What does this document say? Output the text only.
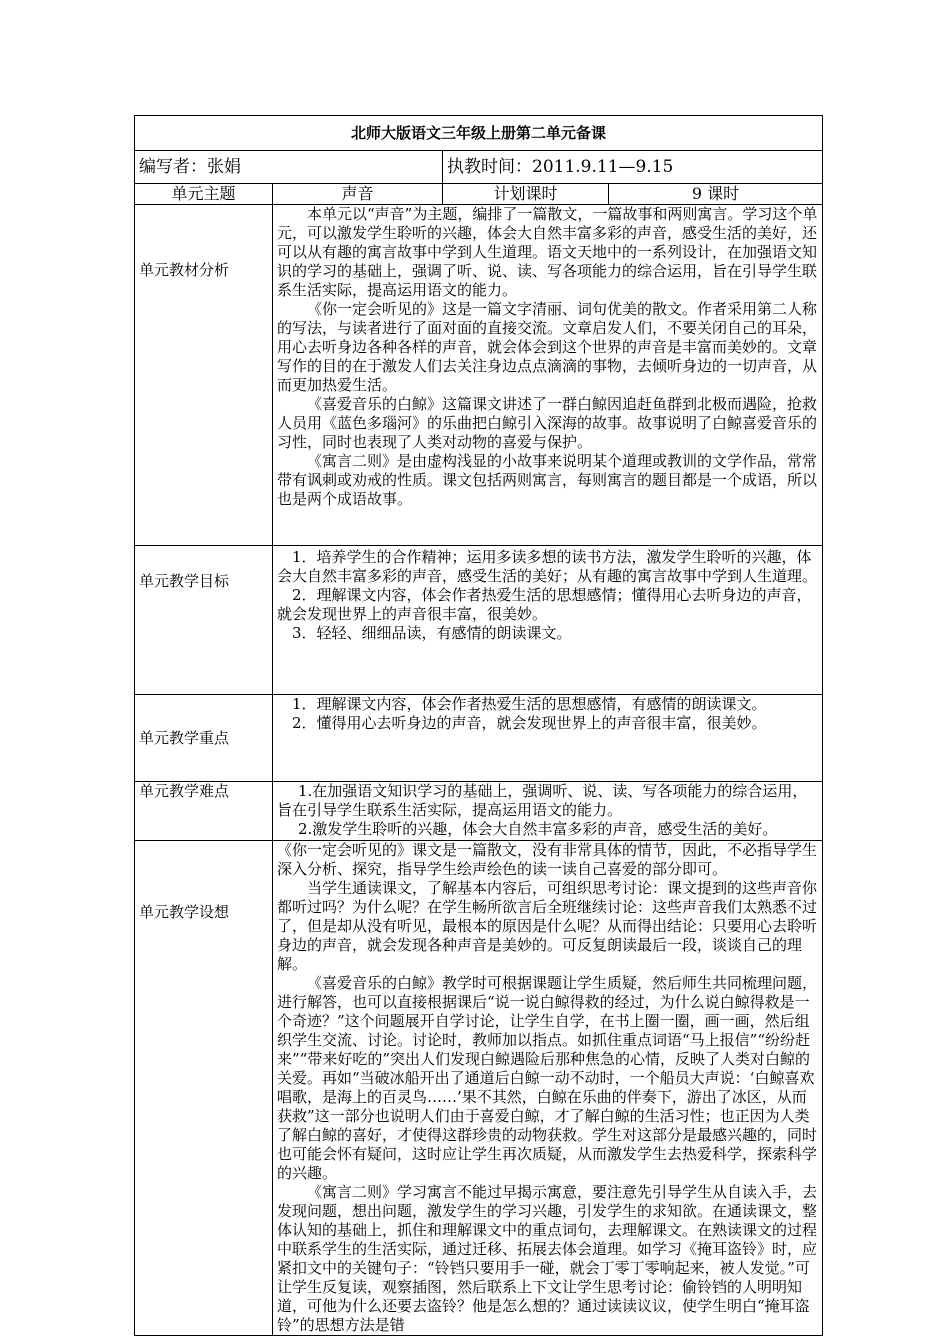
北师大版语文三年级上册第二单元备课			
编写者：张娟		执教时间：2011.9.11—9.15	
单元主题	声音	计划课时	9 课时
单元教材分析	本单元以“声音”为主题，编排了一篇散文，一篇故事和两则寓言。学习这个单元，可以激发学生聆听的兴趣，体会大自然丰富多彩的声音，感受生活的美好，还可以从有趣的寓言故事中学到人生道理。语文天地中的一系列设计，在加强语文知识的学习的基础上，强调了听、说、读、写各项能力的综合运用，旨在引导学生联系生活实际，提高运用语文的能力。

《你一定会听见的》这是一篇文字清丽、词句优美的散文。作者采用第二人称的写法，与读者进行了面对面的直接交流。文章启发人们，不要关闭自己的耳朵，用心去听身边各种各样的声音，就会体会到这个世界的声音是丰富而美妙的。文章写作的目的在于激发人们去关注身边点点滴滴的事物，去倾听身边的一切声音，从而更加热爱生活。

《喜爱音乐的白鲸》这篇课文讲述了一群白鲸因追赶鱼群到北极而遇险，抢救人员用《蓝色多瑙河》的乐曲把白鲸引入深海的故事。故事说明了白鲸喜爱音乐的习性，同时也表现了人类对动物的喜爱与保护。

《寓言二则》是由虚构浅显的小故事来说明某个道理或教训的文学作品，常常带有讽刺或劝戒的性质。课文包括两则寓言，每则寓言的题目都是一个成语，所以也是两个成语故事。		

单元教学目标	1．培养学生的合作精神；运用多读多想的读书方法，激发学生聆听的兴趣，体会大自然丰富多彩的声音，感受生活的美好；从有趣的寓言故事中学到人生道理。

2．理解课文内容，体会作者热爱生活的思想感情；懂得用心去听身边的声音，就会发现世界上的声音很丰富，很美妙。

3．轻轻、细细品读，有感情的朗读课文。		

单元教学重点	1．理解课文内容，体会作者热爱生活的思想感情，有感情的朗读课文。

2．懂得用心去听身边的声音，就会发现世界上的声音很丰富，很美妙。		

单元教学难点	1.在加强语文知识学习的基础上，强调听、说、读、写各项能力的综合运用，旨在引导学生联系生活实际，提高运用语文的能力。

2.激发学生聆听的兴趣，体会大自然丰富多彩的声音，感受生活的美好。		

单元教学设想	《你一定会听见的》课文是一篇散文，没有非常具体的情节，因此，不必指导学生深入分析、探究，指导学生绘声绘色的读一读自己喜爱的部分即可。

当学生通读课文，了解基本内容后，可组织思考讨论：课文提到的这些声音你都听过吗？为什么呢？在学生畅所欲言后全班继续讨论：这些声音我们太熟悉不过了，但是却从没有听见，最根本的原因是什么呢？从而得出结论：只要用心去聆听身边的声音，就会发现各种声音是美妙的。可反复朗读最后一段，谈谈自己的理解。

《喜爱音乐的白鲸》教学时可根据课题让学生质疑，然后师生共同梳理问题，进行解答，也可以直接根据课后“说一说白鲸得救的经过，为什么说白鲸得救是一个奇迹？”这个问题展开自学讨论，让学生自学，在书上圈一圈，画一画，然后组织学生交流、讨论。讨论时，教师加以指点。如抓住重点词语“马上报信”“纷纷赶来”“带来好吃的”突出人们发现白鲸遇险后那种焦急的心情，反映了人类对白鲸的关爱。再如“当破冰船开出了通道后白鲸一动不动时，一个船员大声说：‘白鲸喜欢唱歌，是海上的百灵鸟……’果不其然，白鲸在乐曲的伴奏下，游出了冰区，从而获救”这一部分也说明人们由于喜爱白鲸，才了解白鲸的生活习性；也正因为人类了解白鲸的喜好，才使得这群珍贵的动物获救。学生对这部分是最感兴趣的，同时也可能会怀有疑问，这时应让学生再次质疑，从而激发学生去热爱科学，探索科学的兴趣。

《寓言二则》学习寓言不能过早揭示寓意，要注意先引导学生从自读入手，去发现问题，想出问题，激发学生的学习兴趣，引发学生的求知欲。在通读课文，整体认知的基础上，抓住和理解课文中的重点词句，去理解课文。在熟读课文的过程中联系学生的生活实际，通过迁移、拓展去体会道理。如学习《掩耳盗铃》时，应紧扣文中的关键句子：“铃铛只要用手一碰，就会丁零丁零响起来，被人发觉。”可让学生反复读，观察插图，然后联系上下文让学生思考讨论：偷铃铛的人明明知道，可他为什么还要去盗铃？他是怎么想的？通过读读议议，使学生明白“掩耳盗铃”的思想方法是错		
